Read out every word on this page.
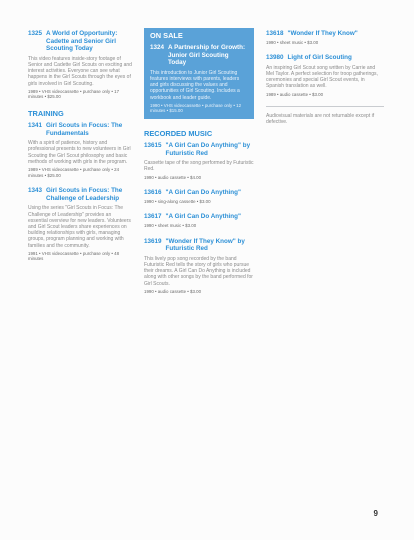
1325 A World of Opportunity: Cadette and Senior Girl Scouting Today
This video features inside-story footage of Senior and Cadette Girl Scouts on exciting and interest activities. Everyone can see what happens in the Girl Scouts through the eyes of girls involved in Girl Scouting.
1989 • VHS videocassette • purchase only • 17 minutes • $25.00
TRAINING
1341 Girl Scouts in Focus: The Fundamentals
With a spirit of patience, history and professional presents to new volunteers in Girl Scouting the Girl Scout philosophy and basic methods of working with girls in the program.
1989 • VHS videocassette • purchase only • 24 minutes • $25.00
1343 Girl Scouts in Focus: The Challenge of Leadership
Using the series "Girl Scouts in Focus: The Challenge of Leadership" provides an essential overview for new leaders. Volunteers and Girl Scout leaders share experiences on building relationships with girls, managing groups, program planning and working with families and the community.
1991 • VHS videocassette • purchase only • 48 minutes
ON SALE
1324 A Partnership for Growth: Junior Girl Scouting Today
This introduction to Junior Girl Scouting features interviews with parents, leaders and girls discussing the values and opportunities of Girl Scouting. Includes a workbook and leader guide.
1990 • VHS videocassette • purchase only • 12 minutes • $15.00
RECORDED MUSIC
13615 "A Girl Can Do Anything" by Futuristic Red
Cassette tape of the song performed by Futuristic Red.
1990 • audio cassette • $4.00
13616 "A Girl Can Do Anything"
1990 • sing-along cassette • $3.00
13617 "A Girl Can Do Anything"
1990 • sheet music • $3.00
13619 "Wonder If They Know" by Futuristic Red
This lively pop song recorded by the band Futuristic Red tells the story of girls who pursue their dreams. A Girl Can Do Anything is included along with other songs by the band performed for Girl Scouts.
1990 • audio cassette • $3.00
13618 "Wonder If They Know"
1990 • sheet music • $3.00
13980 Light of Girl Scouting
An inspiring Girl Scout song written by Carrie and Mel Taylor. A perfect selection for troop gatherings, ceremonies and special Girl Scout events, in Spanish translation as well.
1989 • audio cassette • $3.00
Audiovisual materials are not returnable except if defective.
9
